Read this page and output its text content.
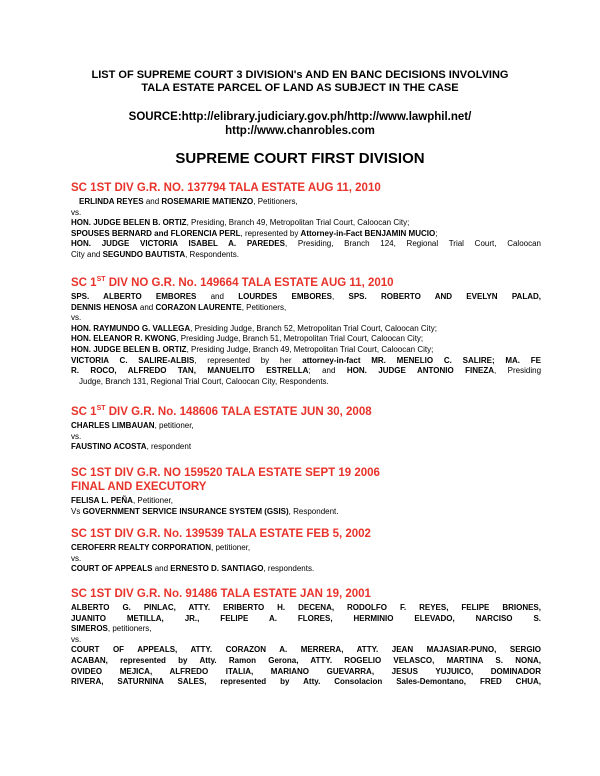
LIST OF SUPREME COURT 3 DIVISION's AND EN BANC DECISIONS INVOLVING
TALA ESTATE PARCEL OF LAND AS SUBJECT IN THE CASE
SOURCE:http://elibrary.judiciary.gov.ph/http://www.lawphil.net/
http://www.chanrobles.com
SUPREME COURT FIRST DIVISION
SC 1ST DIV G.R. NO. 137794 TALA ESTATE AUG 11, 2010

ERLINDA REYES and ROSEMARIE MATIENZO, Petitioners,

vs.

HON. JUDGE BELEN B. ORTIZ, Presiding, Branch 49, Metropolitan Trial Court, Caloocan City;

SPOUSES BERNARD and FLORENCIA PERL, represented by Attorney-in-Fact BENJAMIN MUCIO;

HON. JUDGE VICTORIA ISABEL A. PAREDES, Presiding, Branch 124, Regional Trial Court, Caloocan

City and SEGUNDO BAUTISTA, Respondents.

SC 1ST DIV NO G.R. No. 149664 TALA ESTATE AUG 11, 2010

SPS. ALBERTO EMBORES and LOURDES EMBORES, SPS. ROBERTO AND EVELYN PALAD,

DENNIS HENOSA and CORAZON LAURENTE, Petitioners,

vs.

HON. RAYMUNDO G. VALLEGA, Presiding Judge, Branch 52, Metropolitan Trial Court, Caloocan City;

HON. ELEANOR R. KWONG, Presiding Judge, Branch 51, Metropolitan Trial Court, Caloocan City;

HON. JUDGE BELEN B. ORTIZ, Presiding Judge, Branch 49, Metropolitan Trial Court, Caloocan City;

VICTORIA C. SALIRE-ALBIS, represented by her attorney-in-fact MR. MENELIO C. SALIRE; MA. FE

R. ROCO, ALFREDO TAN, MANUELITO ESTRELLA; and HON. JUDGE ANTONIO FINEZA, Presiding

Judge, Branch 131, Regional Trial Court, Caloocan City, Respondents.

SC 1ST DIV G.R. No. 148606 TALA ESTATE JUN 30, 2008

CHARLES LIMBAUAN, petitioner,

vs.

FAUSTINO ACOSTA, respondent

SC 1ST DIV G.R. NO 159520 TALA ESTATE SEPT 19 2006
FINAL AND EXECUTORY

FELISA L. PEÑA, Petitioner,

Vs GOVERNMENT SERVICE INSURANCE SYSTEM (GSIS), Respondent.

SC 1ST DIV G.R. No. 139539 TALA ESTATE FEB 5, 2002

CEROFERR REALTY CORPORATION, petitioner,

vs.

COURT OF APPEALS and ERNESTO D. SANTIAGO, respondents.

SC 1ST DIV G.R. No. 91486 TALA ESTATE JAN 19, 2001

ALBERTO G. PINLAC, ATTY. ERIBERTO H. DECENA, RODOLFO F. REYES, FELIPE BRIONES,

JUANITO METILLA, JR., FELIPE A. FLORES, HERMINIO ELEVADO, NARCISO S.

SIMEROS, petitioners,

vs.

COURT OF APPEALS, ATTY. CORAZON A. MERRERA, ATTY. JEAN MAJASIAR-PUNO, SERGIO

ACABAN, represented by Atty. Ramon Gerona, ATTY. ROGELIO VELASCO, MARTINA S. NONA,

OVIDEO MEJICA, ALFREDO ITALIA, MARIANO GUEVARRA, JESUS YUJUICO, DOMINADOR

RIVERA, SATURNINA SALES, represented by Atty. Consolacion Sales-Demontano, FRED CHUA,
